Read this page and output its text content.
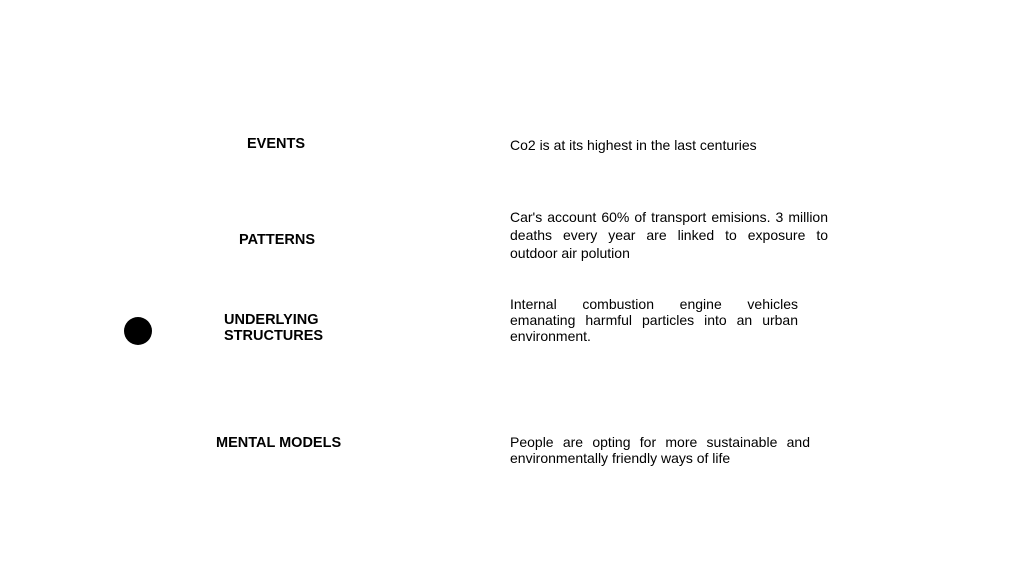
EVENTS	Co2 is at its highest in the last centuries
PATTERNS
Car's account 60% of transport emisions. 3 million deaths every year are linked to exposure to outdoor air polution
UNDERLYING
STRUCTURES
Internal combustion engine vehicles emanating harmful particles into an urban environment.
MENTAL MODELS	People are opting for more sustainable and environmentally friendly ways of life
